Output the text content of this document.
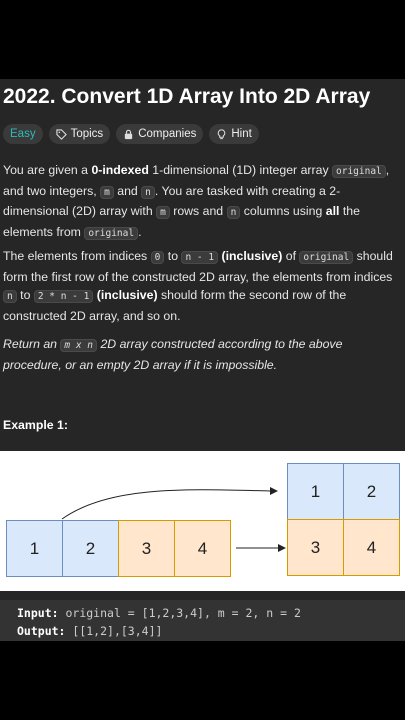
2022. Convert 1D Array Into 2D Array
Easy	Topics	Companies	Hint
You are given a 0-indexed 1-dimensional (1D) integer array original , and two integers, m and n . You are tasked with creating a 2-dimensional (2D) array with m rows and n columns using all the elements from original .
The elements from indices 0 to n - 1 (inclusive) of original should form the first row of the constructed 2D array, the elements from indices n to 2 * n - 1 (inclusive) should form the second row of the constructed 2D array, and so on.
Return an m x n 2D array constructed according to the above procedure, or an empty 2D array if it is impossible.
Example 1:
1	2	3	4
1	2
3	4
Input: original = [1,2,3,4], m = 2, n = 2
Output: [[1,2],[3,4]]
